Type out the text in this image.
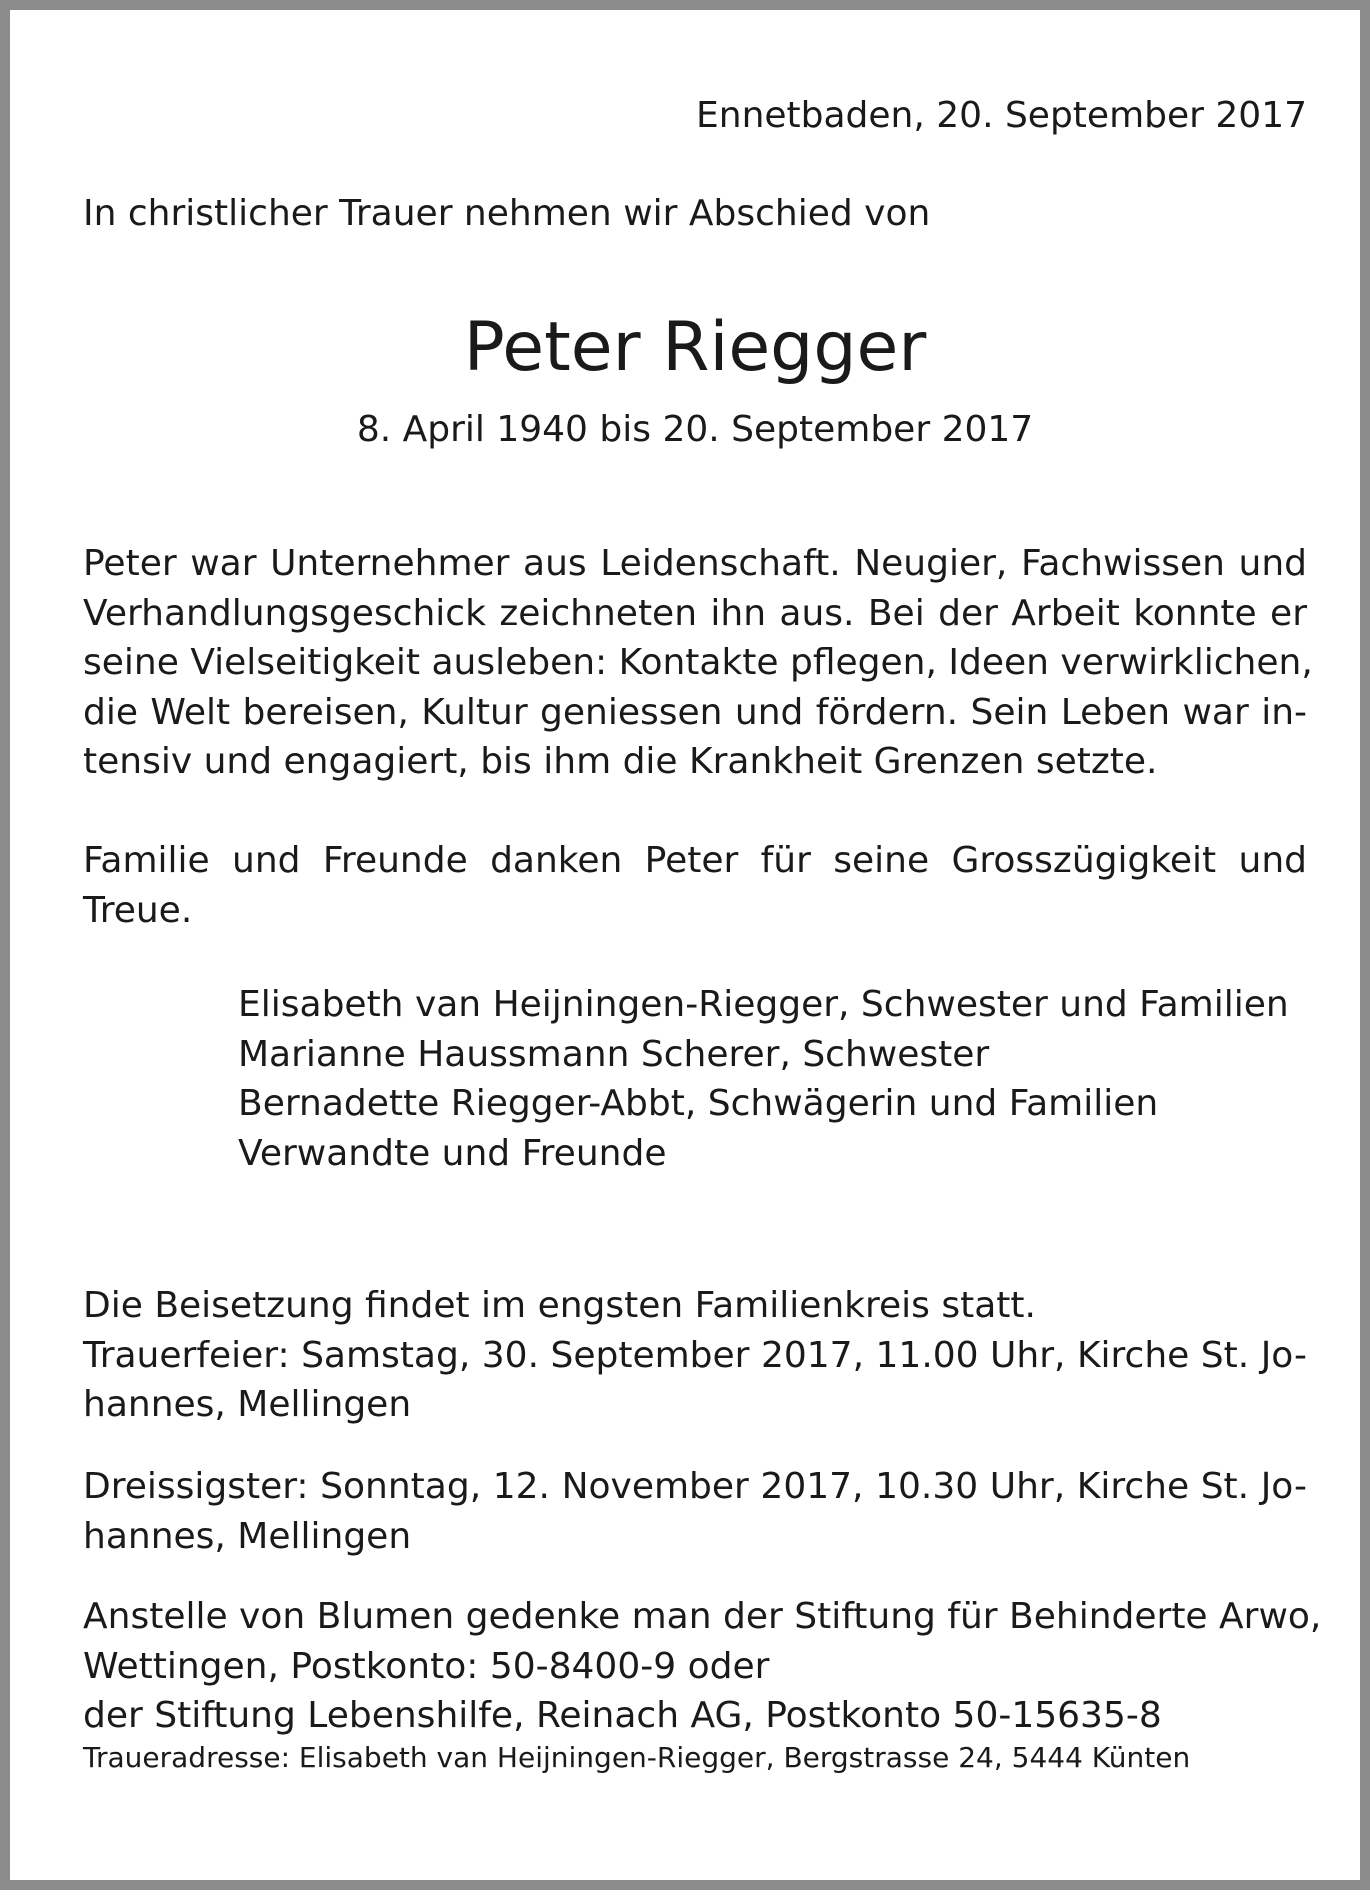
Ennetbaden, 20. September 2017
In christlicher Trauer nehmen wir Abschied von
Peter Riegger
8. April 1940 bis 20. September 2017
Peter war Unternehmer aus Leidenschaft. Neugier, Fachwissen und
Verhandlungsgeschick zeichneten ihn aus. Bei der Arbeit konnte er
seine Vielseitigkeit ausleben: Kontakte pflegen, Ideen verwirklichen,
die Welt bereisen, Kultur geniessen und fördern. Sein Leben war in-
tensiv und engagiert, bis ihm die Krankheit Grenzen setzte.
Familie und Freunde danken Peter für seine Grosszügigkeit und
Treue.
Elisabeth van Heijningen-Riegger, Schwester und Familien
Marianne Haussmann Scherer, Schwester
Bernadette Riegger-Abbt, Schwägerin und Familien
Verwandte und Freunde
Die Beisetzung findet im engsten Familienkreis statt.
Trauerfeier: Samstag, 30. September 2017, 11.00 Uhr, Kirche St. Jo-
hannes, Mellingen
Dreissigster: Sonntag, 12. November 2017, 10.30 Uhr, Kirche St. Jo-
hannes, Mellingen
Anstelle von Blumen gedenke man der Stiftung für Behinderte Arwo,
Wettingen, Postkonto: 50-8400-9 oder
der Stiftung Lebenshilfe, Reinach AG, Postkonto 50-15635-8
Traueradresse: Elisabeth van Heijningen-Riegger, Bergstrasse 24, 5444 Künten
